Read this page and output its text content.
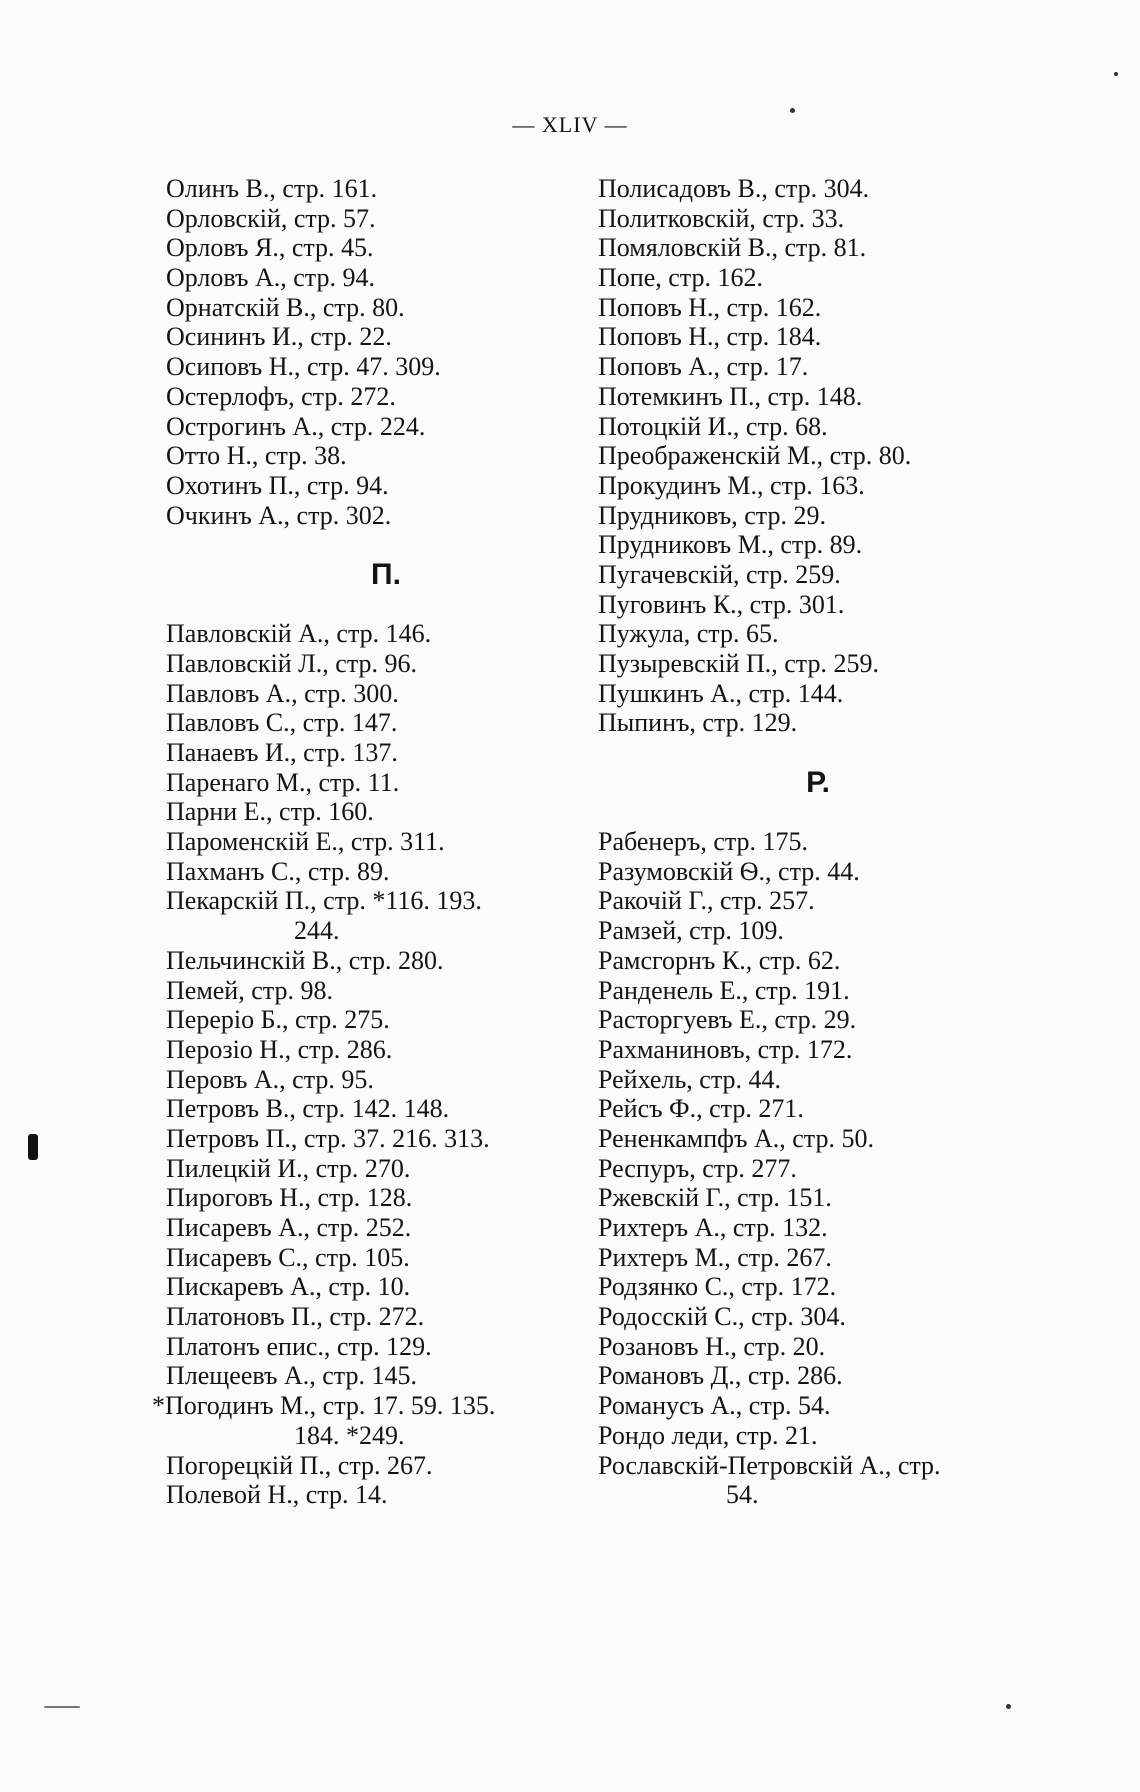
— XLIV —
Олинъ В., стр. 161.
Орловскій, стр. 57.
Орловъ Я., стр. 45.
Орловъ А., стр. 94.
Орнатскій В., стр. 80.
Осининъ И., стр. 22.
Осиповъ Н., стр. 47. 309.
Остерлофъ, стр. 272.
Острогинъ А., стр. 224.
Отто Н., стр. 38.
Охотинъ П., стр. 94.
Очкинъ А., стр. 302.
П.
Павловскій А., стр. 146.
Павловскій Л., стр. 96.
Павловъ А., стр. 300.
Павловъ С., стр. 147.
Панаевъ И., стр. 137.
Паренаго М., стр. 11.
Парни Е., стр. 160.
Пароменскій Е., стр. 311.
Пахманъ С., стр. 89.
Пекарскій П., стр. *116. 193.
244.
Пельчинскій В., стр. 280.
Пемей, стр. 98.
Переріо Б., стр. 275.
Перозіо Н., стр. 286.
Перовъ А., стр. 95.
Петровъ В., стр. 142. 148.
Петровъ П., стр. 37. 216. 313.
Пилецкій И., стр. 270.
Пироговъ Н., стр. 128.
Писаревъ А., стр. 252.
Писаревъ С., стр. 105.
Пискаревъ А., стр. 10.
Платоновъ П., стр. 272.
Платонъ епис., стр. 129.
Плещеевъ А., стр. 145.
*Погодинъ М., стр. 17. 59. 135.
184. *249.
Погорецкій П., стр. 267.
Полевой Н., стр. 14.
Полисадовъ В., стр. 304.
Политковскій, стр. 33.
Помяловскій В., стр. 81.
Попе, стр. 162.
Поповъ Н., стр. 162.
Поповъ Н., стр. 184.
Поповъ А., стр. 17.
Потемкинъ П., стр. 148.
Потоцкій И., стр. 68.
Преображенскій М., стр. 80.
Прокудинъ М., стр. 163.
Прудниковъ, стр. 29.
Прудниковъ М., стр. 89.
Пугачевскій, стр. 259.
Пуговинъ К., стр. 301.
Пужула, стр. 65.
Пузыревскій П., стр. 259.
Пушкинъ А., стр. 144.
Пыпинъ, стр. 129.
Р.
Рабенеръ, стр. 175.
Разумовскій Ѳ., стр. 44.
Ракочій Г., стр. 257.
Рамзей, стр. 109.
Рамсгорнъ К., стр. 62.
Ранденель Е., стр. 191.
Расторгуевъ Е., стр. 29.
Рахманиновъ, стр. 172.
Рейхель, стр. 44.
Рейсъ Ф., стр. 271.
Рененкампфъ А., стр. 50.
Респуръ, стр. 277.
Ржевскій Г., стр. 151.
Рихтеръ А., стр. 132.
Рихтеръ М., стр. 267.
Родзянко С., стр. 172.
Родосскій С., стр. 304.
Розановъ Н., стр. 20.
Романовъ Д., стр. 286.
Романусъ А., стр. 54.
Рондо леди, стр. 21.
Рославскій-Петровскій А., стр.
54.
